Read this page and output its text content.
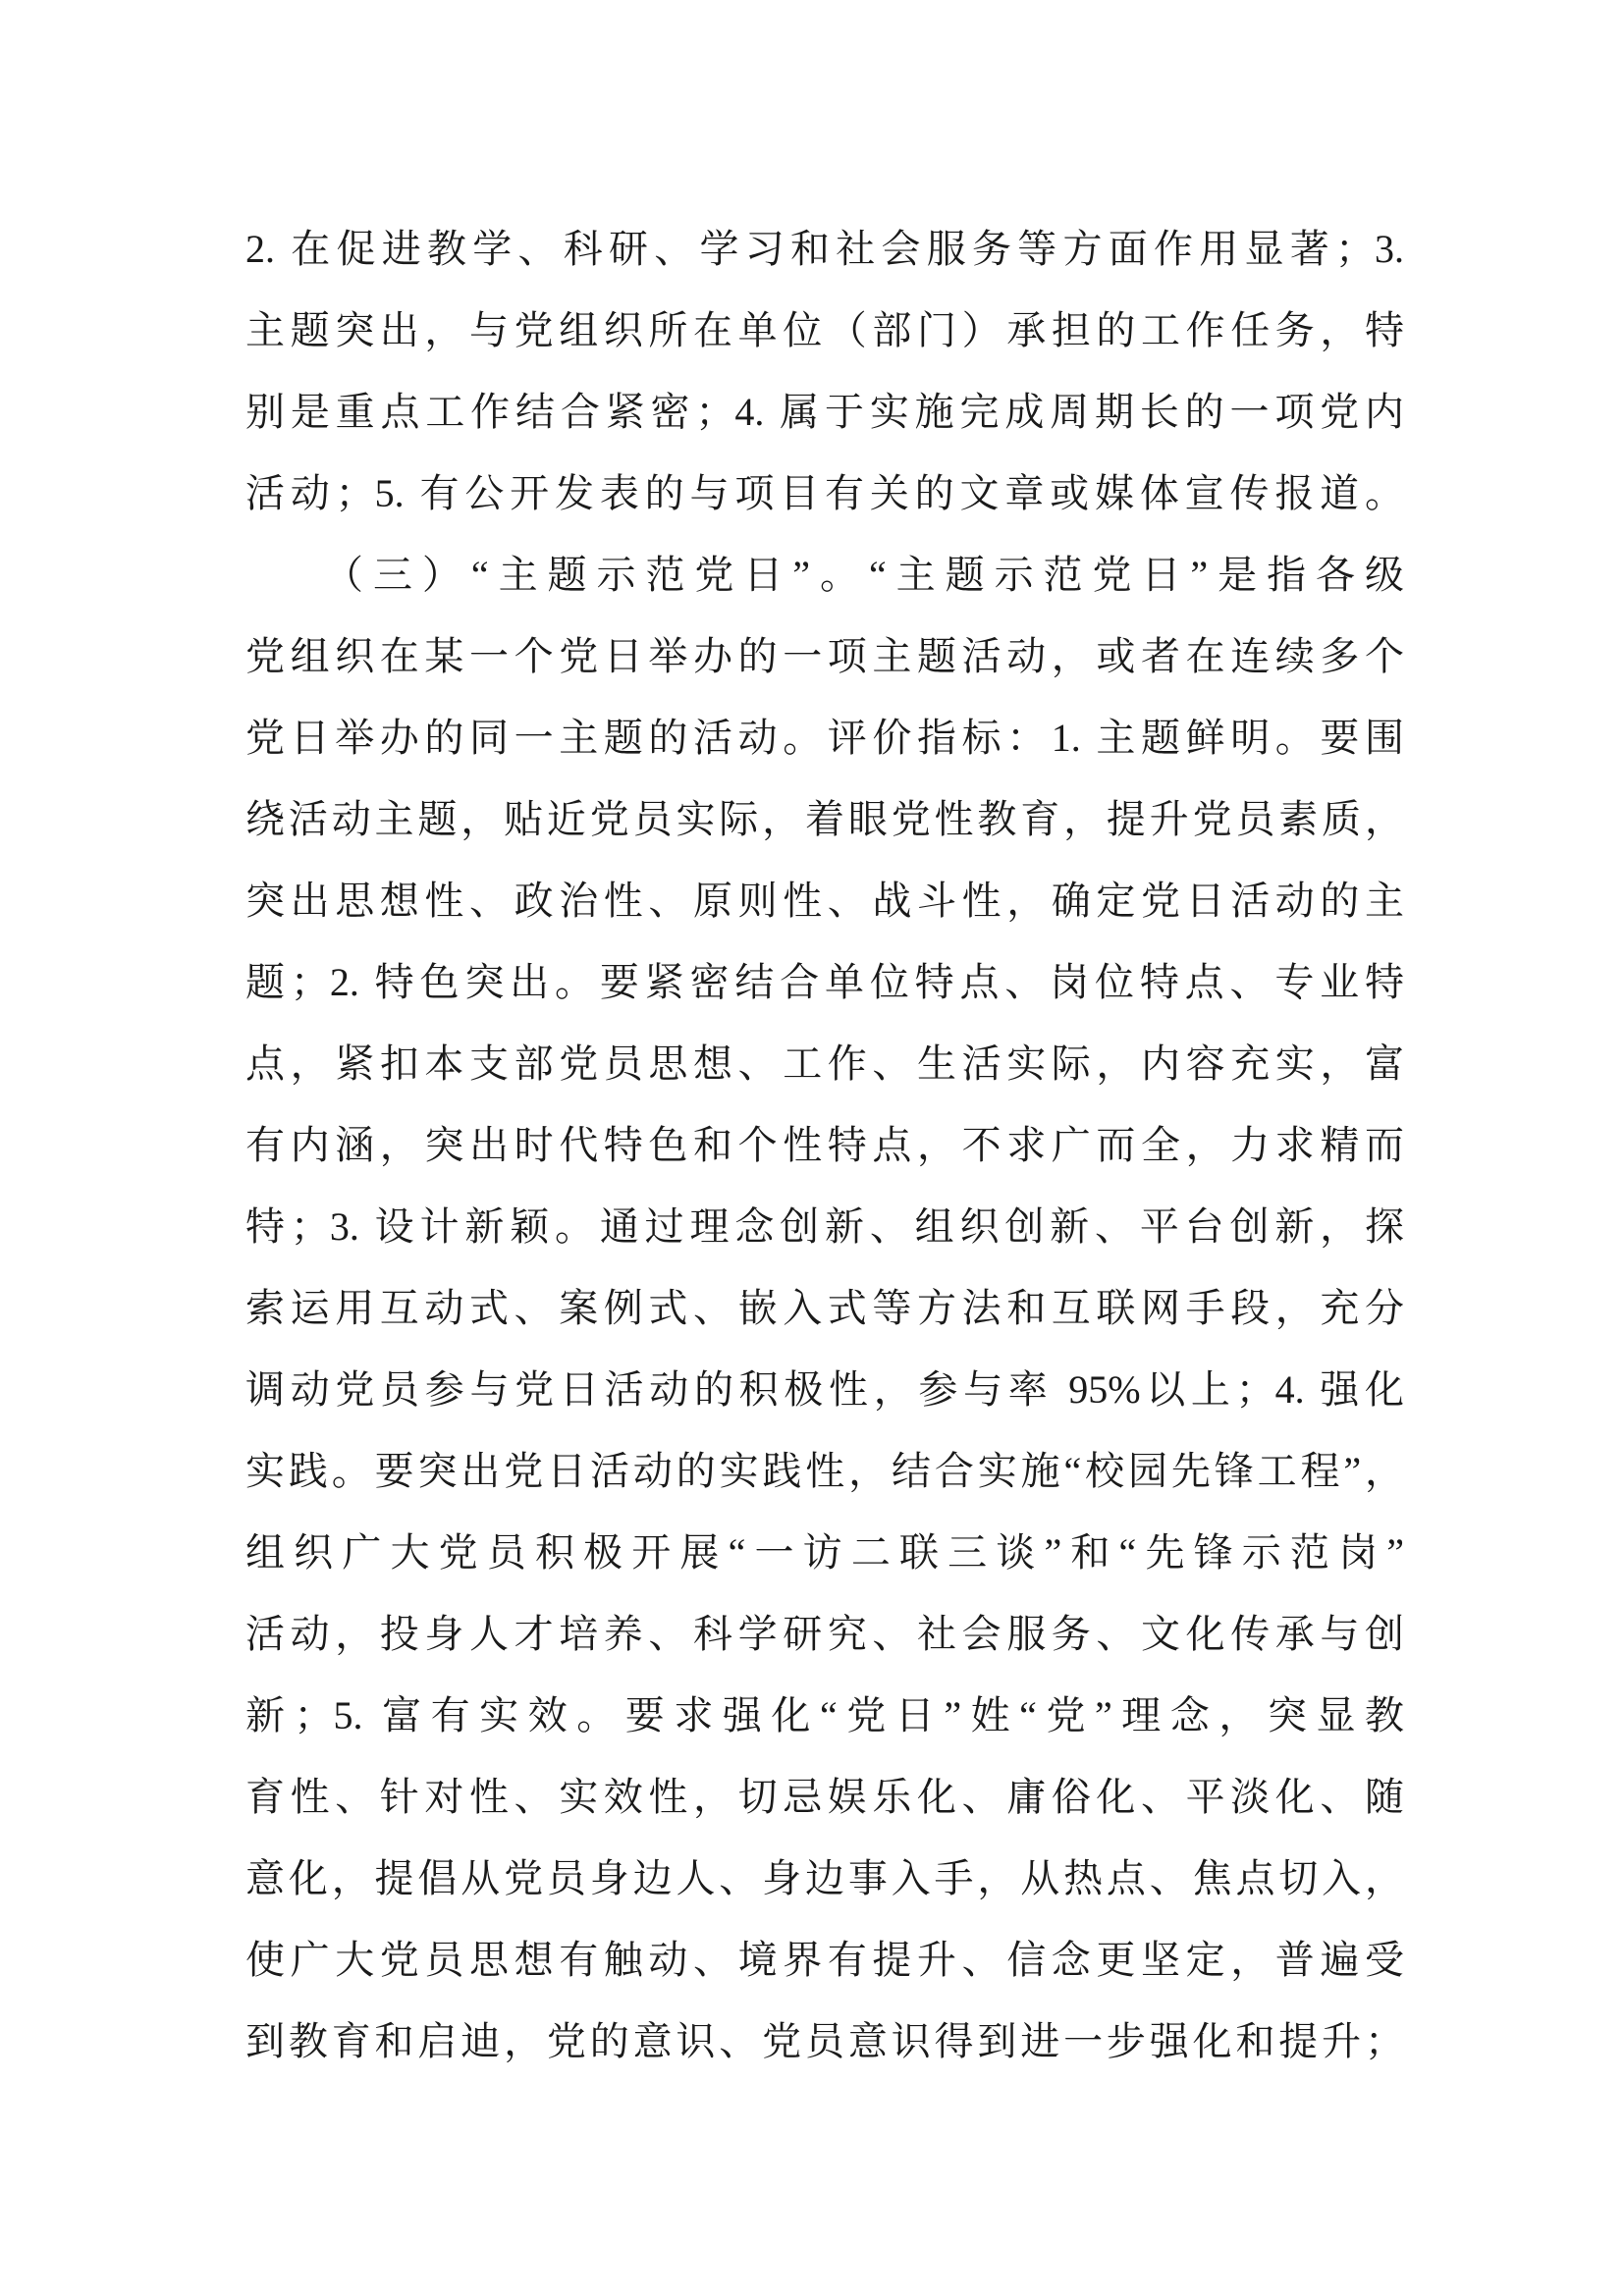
2. 在促进教学、科研、学习和社会服务等方面作用显著；3.
主题突出，与党组织所在单位（部门）承担的工作任务，特
别是重点工作结合紧密；4. 属于实施完成周期长的一项党内
活动；5. 有公开发表的与项目有关的文章或媒体宣传报道。
（三）“主题示范党日”。“主题示范党日”是指各级
党组织在某一个党日举办的一项主题活动，或者在连续多个
党日举办的同一主题的活动。评价指标：1. 主题鲜明。要围
绕活动主题，贴近党员实际，着眼党性教育，提升党员素质，
突出思想性、政治性、原则性、战斗性，确定党日活动的主
题；2. 特色突出。要紧密结合单位特点、岗位特点、专业特
点，紧扣本支部党员思想、工作、生活实际，内容充实，富
有内涵，突出时代特色和个性特点，不求广而全，力求精而
特；3. 设计新颖。通过理念创新、组织创新、平台创新，探
索运用互动式、案例式、嵌入式等方法和互联网手段，充分
调动党员参与党日活动的积极性，参与率 95%以上；4. 强化
实践。要突出党日活动的实践性，结合实施“校园先锋工程”，
组织广大党员积极开展“一访二联三谈”和“先锋示范岗”
活动，投身人才培养、科学研究、社会服务、文化传承与创
新；5. 富有实效。要求强化“党日”姓“党”理念，突显教
育性、针对性、实效性，切忌娱乐化、庸俗化、平淡化、随
意化，提倡从党员身边人、身边事入手，从热点、焦点切入，
使广大党员思想有触动、境界有提升、信念更坚定，普遍受
到教育和启迪，党的意识、党员意识得到进一步强化和提升；
